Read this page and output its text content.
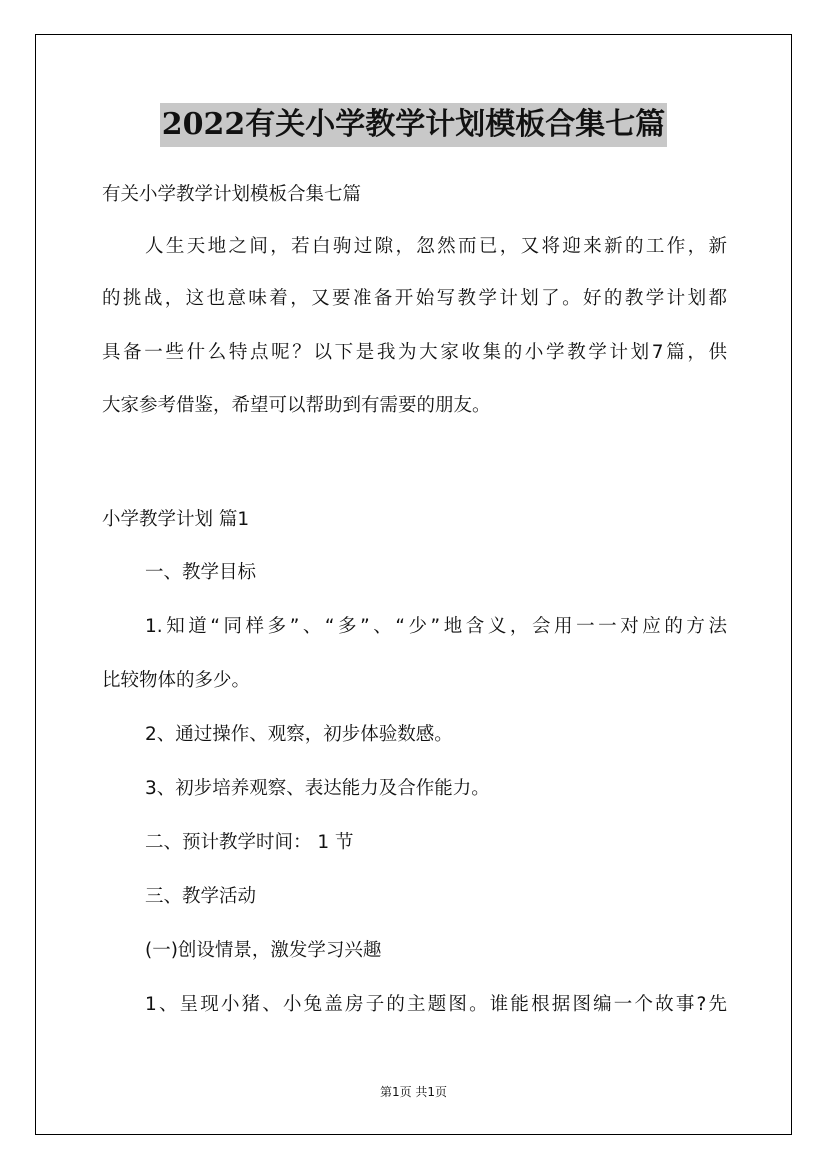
2022有关小学教学计划模板合集七篇
有关小学教学计划模板合集七篇
人生天地之间，若白驹过隙，忽然而已，又将迎来新的工作，新
的挑战，这也意味着，又要准备开始写教学计划了。好的教学计划都
具备一些什么特点呢？以下是我为大家收集的小学教学计划7篇，供
大家参考借鉴，希望可以帮助到有需要的朋友。
小学教学计划 篇1
一、教学目标
1.知道“同样多”、“多”、“少”地含义，会用一一对应的方法
比较物体的多少。
2、通过操作、观察，初步体验数感。
3、初步培养观察、表达能力及合作能力。
二、预计教学时间： 1 节
三、教学活动
(一)创设情景，激发学习兴趣
1、呈现小猪、小兔盖房子的主题图。谁能根据图编一个故事?先
第1页 共1页
